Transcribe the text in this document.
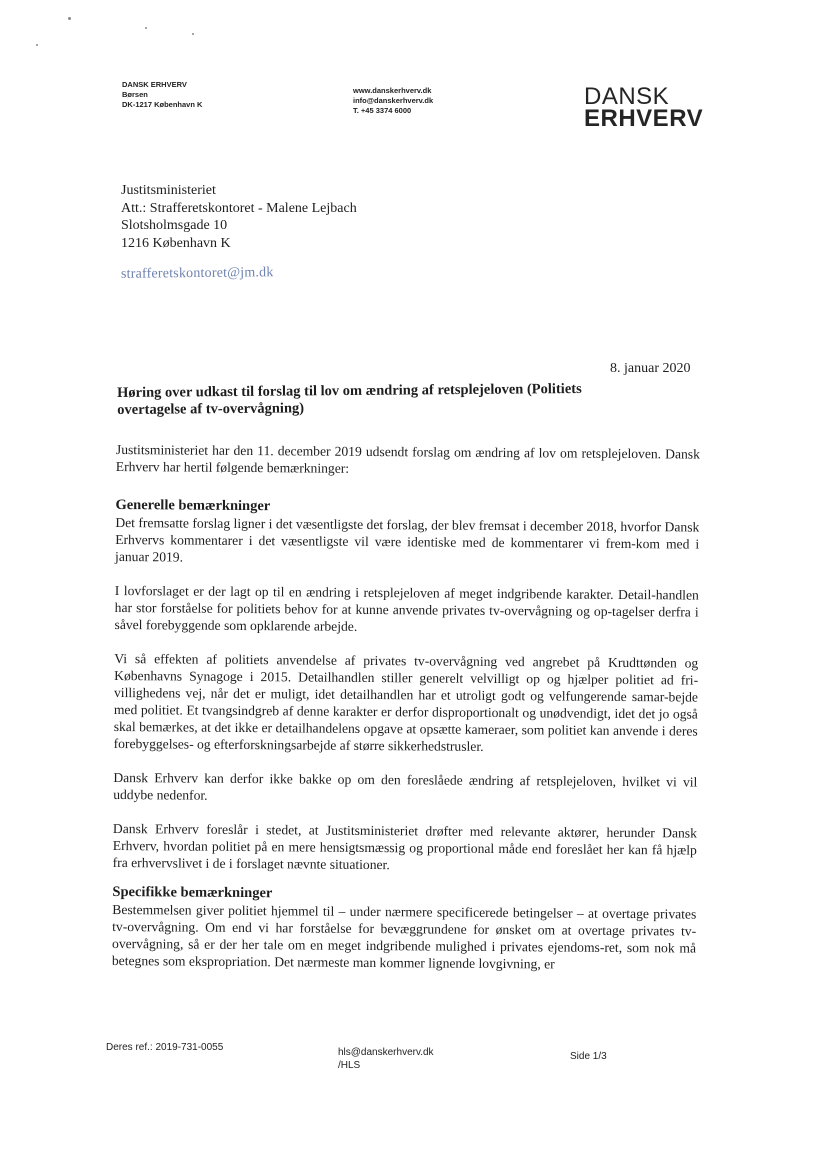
DANSK ERHVERV
Børsen
DK-1217 København K
www.danskerhverv.dk
info@danskerhverv.dk
T. +45 3374 6000
DANSK
ERHVERV
Justitsministeriet
Att.: Strafferetskontoret - Malene Lejbach
Slotsholmsgade 10
1216 København K
strafferetskontoret@jm.dk
8. januar 2020
Høring over udkast til forslag til lov om ændring af retsplejeloven (Politiets overtagelse af tv-overvågning)

Justitsministeriet har den 11. december 2019 udsendt forslag om ændring af lov om retsplejeloven. Dansk Erhverv har hertil følgende bemærkninger:

Generelle bemærkninger

Det fremsatte forslag ligner i det væsentligste det forslag, der blev fremsat i december 2018, hvorfor Dansk Erhvervs kommentarer i det væsentligste vil være identiske med de kommentarer vi frem-kom med i januar 2019.

I lovforslaget er der lagt op til en ændring i retsplejeloven af meget indgribende karakter. Detail-handlen har stor forståelse for politiets behov for at kunne anvende privates tv-overvågning og op-tagelser derfra i såvel forebyggende som opklarende arbejde.

Vi så effekten af politiets anvendelse af privates tv-overvågning ved angrebet på Krudttønden og Københavns Synagoge i 2015. Detailhandlen stiller generelt velvilligt op og hjælper politiet ad fri-villighedens vej, når det er muligt, idet detailhandlen har et utroligt godt og velfungerende samar-bejde med politiet. Et tvangsindgreb af denne karakter er derfor disproportionalt og unødvendigt, idet det jo også skal bemærkes, at det ikke er detailhandelens opgave at opsætte kameraer, som politiet kan anvende i deres forebyggelses- og efterforskningsarbejde af større sikkerhedstrusler.

Dansk Erhverv kan derfor ikke bakke op om den foreslåede ændring af retsplejeloven, hvilket vi vil uddybe nedenfor.

Dansk Erhverv foreslår i stedet, at Justitsministeriet drøfter med relevante aktører, herunder Dansk Erhverv, hvordan politiet på en mere hensigtsmæssig og proportional måde end foreslået her kan få hjælp fra erhvervslivet i de i forslaget nævnte situationer.

Specifikke bemærkninger

Bestemmelsen giver politiet hjemmel til – under nærmere specificerede betingelser – at overtage privates tv-overvågning. Om end vi har forståelse for bevæggrundene for ønsket om at overtage privates tv-overvågning, så er der her tale om en meget indgribende mulighed i privates ejendoms-ret, som nok må betegnes som ekspropriation. Det nærmeste man kommer lignende lovgivning, er

Deres ref.: 2019-731-0055	hls@danskerhverv.dk
/HLS
Side 1/3
